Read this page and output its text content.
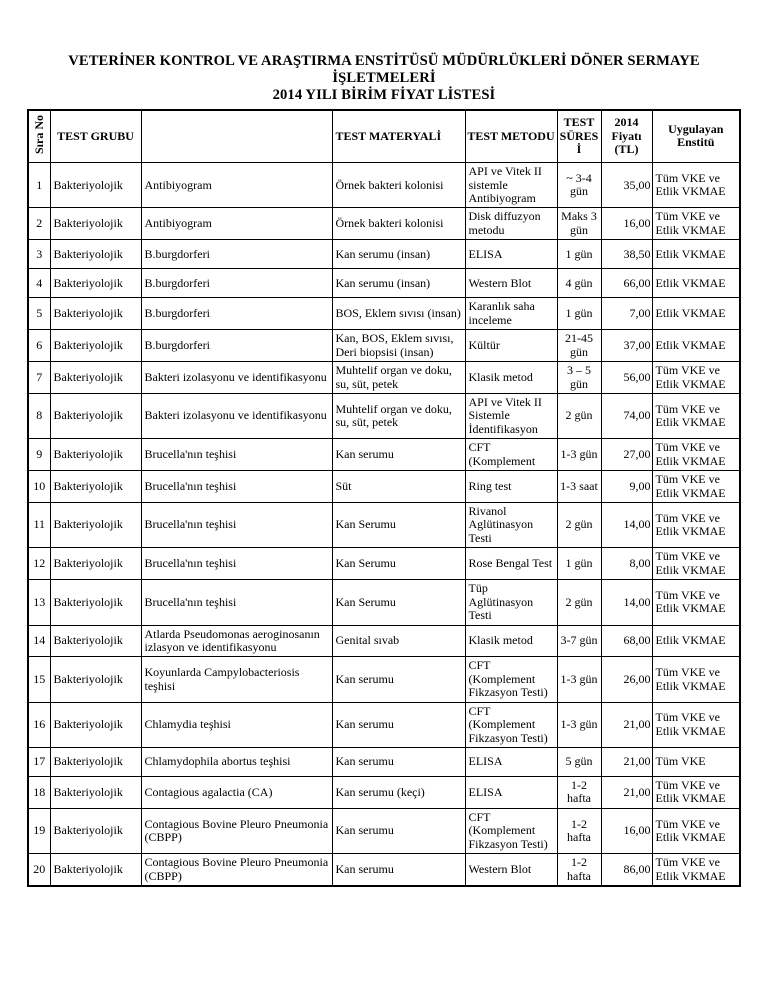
VETERİNER KONTROL VE ARAŞTIRMA ENSTİTÜSÜ MÜDÜRLÜKLERİ DÖNER SERMAYE İŞLETMELERİ
2014 YILI BİRİM FİYAT LİSTESİ
Sıra No	TEST GRUBU		TEST MATERYALİ	TEST METODU	TEST SÜRESİ	2014 Fiyatı (TL)	Uygulayan Enstitü
1	Bakteriyolojik	Antibiyogram	Örnek bakteri kolonisi	API ve Vitek II sistemle Antibiyogram	~ 3-4 gün	35,00	Tüm VKE ve Etlik VKMAE
2	Bakteriyolojik	Antibiyogram	Örnek bakteri kolonisi	Disk diffuzyon metodu	Maks 3 gün	16,00	Tüm VKE ve Etlik VKMAE
3	Bakteriyolojik	B.burgdorferi	Kan serumu (insan)	ELISA	1 gün	38,50	Etlik VKMAE
4	Bakteriyolojik	B.burgdorferi	Kan serumu (insan)	Western Blot	4 gün	66,00	Etlik VKMAE
5	Bakteriyolojik	B.burgdorferi	BOS, Eklem sıvısı (insan)	Karanlık saha inceleme	1 gün	7,00	Etlik VKMAE
6	Bakteriyolojik	B.burgdorferi	Kan, BOS, Eklem sıvısı, Deri biopsisi (insan)	Kültür	21-45 gün	37,00	Etlik VKMAE
7	Bakteriyolojik	Bakteri izolasyonu ve identifikasyonu	Muhtelif organ ve doku, su, süt, petek	Klasik metod	3 – 5 gün	56,00	Tüm VKE ve Etlik VKMAE
8	Bakteriyolojik	Bakteri izolasyonu ve identifikasyonu	Muhtelif organ ve doku, su, süt, petek	API ve Vitek II Sistemle İdentifikasyon	2 gün	74,00	Tüm VKE ve Etlik VKMAE
9	Bakteriyolojik	Brucella'nın teşhisi	Kan serumu	CFT (Komplement	1-3 gün	27,00	Tüm VKE ve Etlik VKMAE
10	Bakteriyolojik	Brucella'nın teşhisi	Süt	Ring test	1-3 saat	9,00	Tüm VKE ve Etlik VKMAE
11	Bakteriyolojik	Brucella'nın teşhisi	Kan Serumu	Rivanol Aglütinasyon Testi	2 gün	14,00	Tüm VKE ve Etlik VKMAE
12	Bakteriyolojik	Brucella'nın teşhisi	Kan Serumu	Rose Bengal Test	1 gün	8,00	Tüm VKE ve Etlik VKMAE
13	Bakteriyolojik	Brucella'nın teşhisi	Kan Serumu	Tüp Aglütinasyon Testi	2 gün	14,00	Tüm VKE ve Etlik VKMAE
14	Bakteriyolojik	Atlarda Pseudomonas aeroginosanın izlasyon ve identifikasyonu	Genital sıvab	Klasik metod	3-7 gün	68,00	Etlik VKMAE
15	Bakteriyolojik	Koyunlarda Campylobacteriosis teşhisi	Kan serumu	CFT (Komplement Fikzasyon Testi)	1-3 gün	26,00	Tüm VKE ve Etlik VKMAE
16	Bakteriyolojik	Chlamydia teşhisi	Kan serumu	CFT (Komplement Fikzasyon Testi)	1-3 gün	21,00	Tüm VKE ve Etlik VKMAE
17	Bakteriyolojik	Chlamydophila abortus teşhisi	Kan serumu	ELISA	5 gün	21,00	Tüm VKE
18	Bakteriyolojik	Contagious agalactia (CA)	Kan serumu (keçi)	ELISA	1-2 hafta	21,00	Tüm VKE ve Etlik VKMAE
19	Bakteriyolojik	Contagious Bovine Pleuro Pneumonia (CBPP)	Kan serumu	CFT (Komplement Fikzasyon Testi)	1-2 hafta	16,00	Tüm VKE ve Etlik VKMAE
20	Bakteriyolojik	Contagious Bovine Pleuro Pneumonia (CBPP)	Kan serumu	Western Blot	1-2 hafta	86,00	Tüm VKE ve Etlik VKMAE
